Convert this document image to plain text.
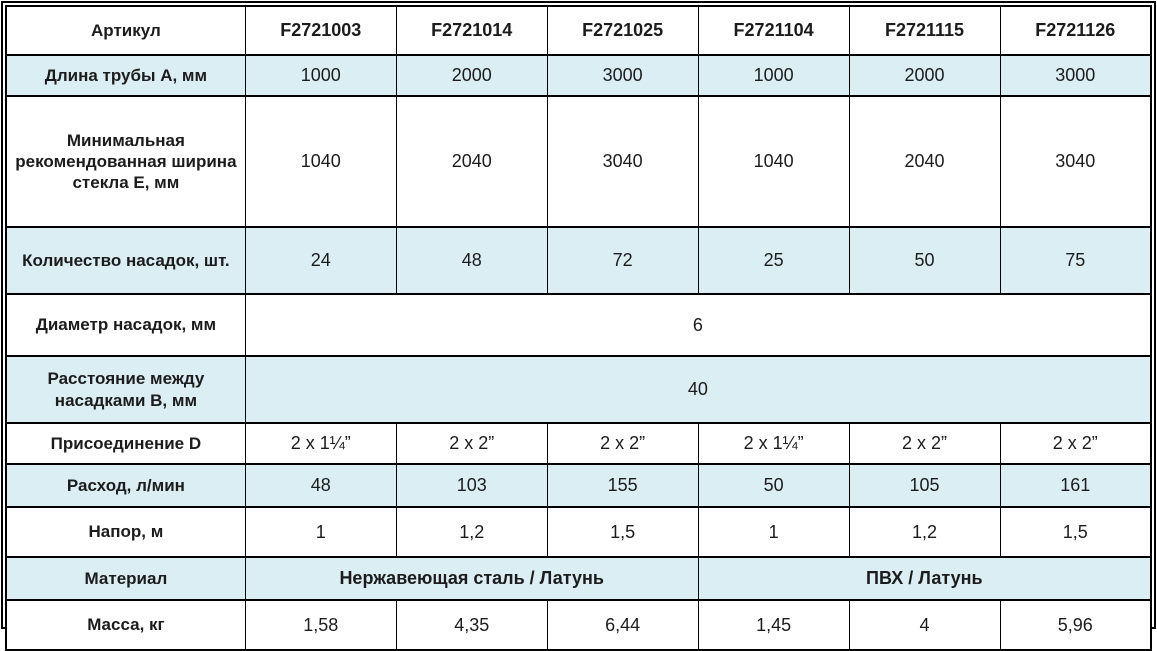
Артикул	F2721003	F2721014	F2721025	F2721104	F2721115	F2721126
Длина трубы А, мм	1000	2000	3000	1000	2000	3000
Минимальная рекомендованная ширина стекла Е, мм	1040	2040	3040	1040	2040	3040
Количество насадок, шт.	24	48	72	25	50	75
Диаметр насадок, мм	6					
Расстояние между насадками В, мм	40					
Присоединение D	2 х 1¼”	2 х 2”	2 х 2”	2 х 1¼”	2 х 2”	2 х 2”
Расход, л/мин	48	103	155	50	105	161
Напор, м	1	1,2	1,5	1	1,2	1,5
Материал	Нержавеющая сталь / Латунь			ПВХ / Латунь		
Масса, кг	1,58	4,35	6,44	1,45	4	5,96
